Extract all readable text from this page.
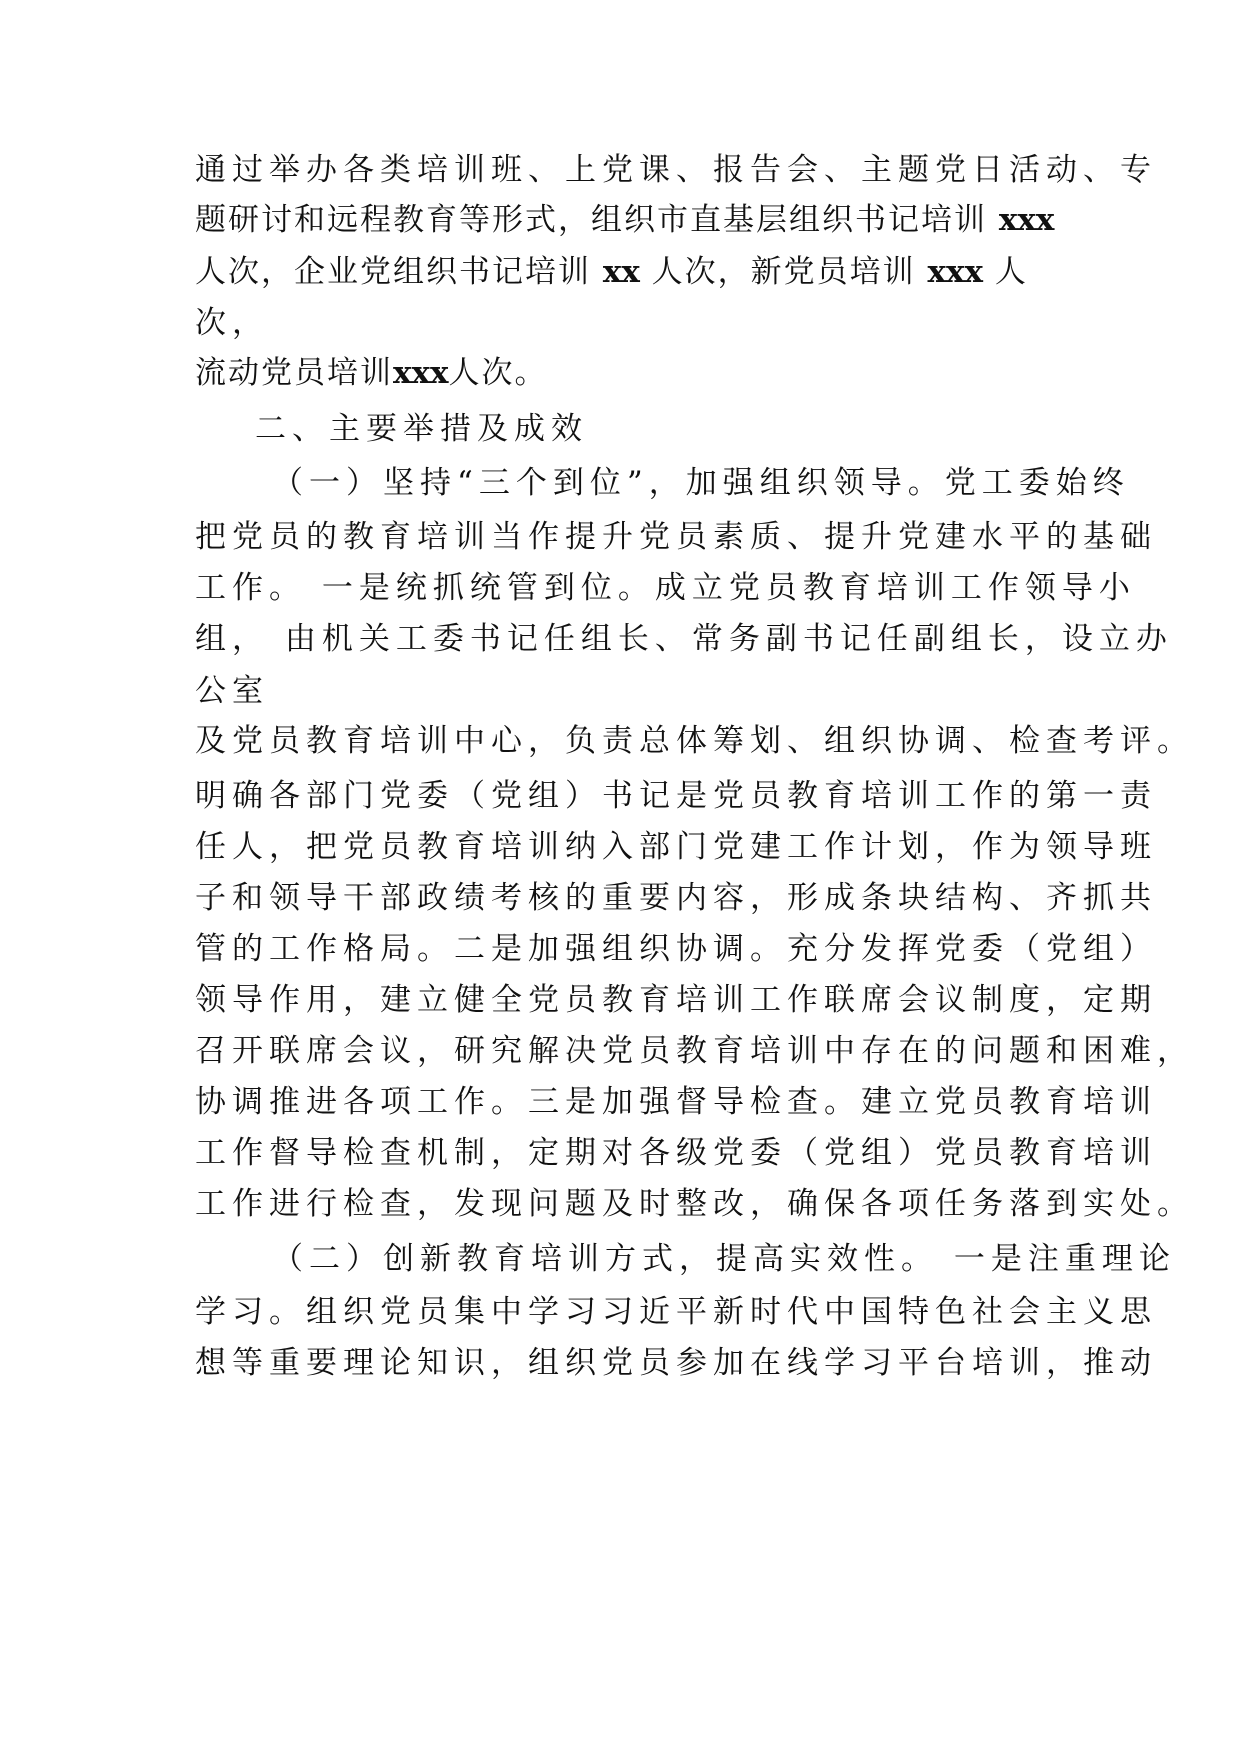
通过举办各类培训班、上党课、报告会、主题党日活动、专

题研讨和远程教育等形式，组织市直基层组织书记培训 xxx

人次，企业党组织书记培训 xx 人次，新党员培训 xxx 人

次，

流动党员培训xxx人次。

二、主要举措及成效

（一）坚持“三个到位”，加强组织领导。党工委始终

把党员的教育培训当作提升党员素质、提升党建水平的基础

工作。 一是统抓统管到位。成立党员教育培训工作领导小

组， 由机关工委书记任组长、常务副书记任副组长，设立办

公室

及党员教育培训中心，负责总体筹划、组织协调、检查考评。

明确各部门党委（党组）书记是党员教育培训工作的第一责

任人，把党员教育培训纳入部门党建工作计划，作为领导班

子和领导干部政绩考核的重要内容，形成条块结构、齐抓共

管的工作格局。二是加强组织协调。充分发挥党委（党组）

领导作用，建立健全党员教育培训工作联席会议制度，定期

召开联席会议，研究解决党员教育培训中存在的问题和困难，

协调推进各项工作。三是加强督导检查。建立党员教育培训

工作督导检查机制，定期对各级党委（党组）党员教育培训

工作进行检查，发现问题及时整改，确保各项任务落到实处。

（二）创新教育培训方式，提高实效性。 一是注重理论

学习。组织党员集中学习习近平新时代中国特色社会主义思

想等重要理论知识，组织党员参加在线学习平台培训，推动
